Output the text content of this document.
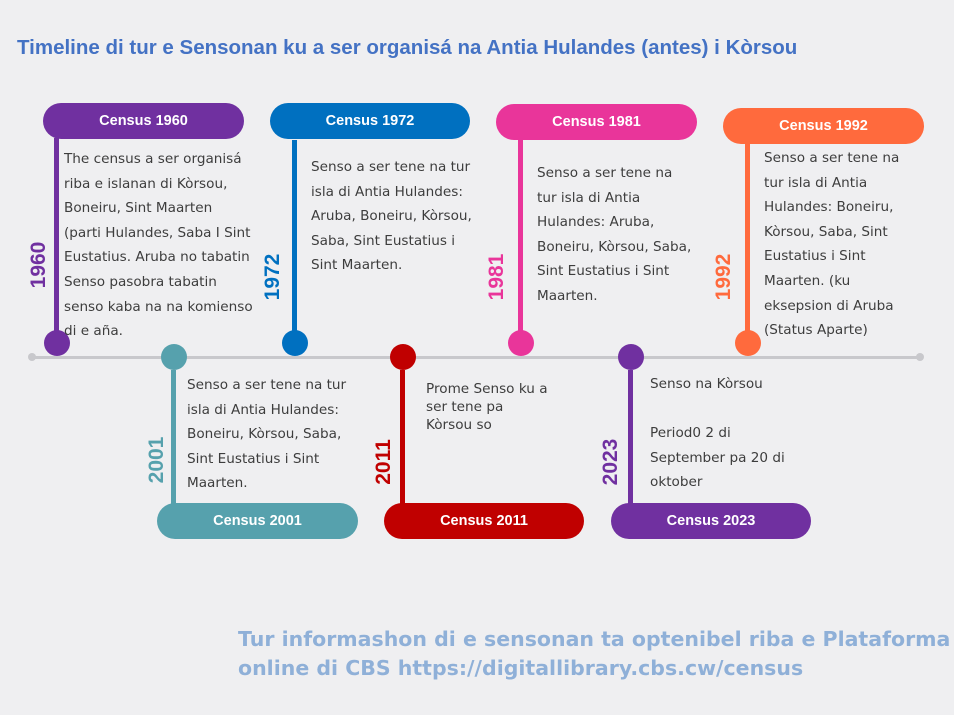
Timeline di tur e Sensonan ku a ser organisá na Antia Hulandes (antes) i Kòrsou
Census 1960
1960
The census a ser organisá
riba e islanan di Kòrsou,
Boneiru, Sint Maarten
(parti Hulandes, Saba I Sint
Eustatius. Aruba no tabatin
Senso pasobra tabatin
senso kaba na na komienso
di e aña.
Census 1972
1972
Senso a ser tene na tur
isla di Antia Hulandes:
Aruba, Boneiru, Kòrsou,
Saba, Sint Eustatius i
Sint Maarten.
Census 1981
1981
Senso a ser tene na
tur isla di Antia
Hulandes: Aruba,
Boneiru, Kòrsou, Saba,
Sint Eustatius i Sint
Maarten.
Census 1992
1992
Senso a ser tene na
tur isla di Antia
Hulandes: Boneiru,
Kòrsou, Saba, Sint
Eustatius i Sint
Maarten. (ku
eksepsion di Aruba
(Status Aparte)
Census 2001
2001
Senso a ser tene na tur
isla di Antia Hulandes:
Boneiru, Kòrsou, Saba,
Sint Eustatius i Sint
Maarten.
Census 2011
2011
Prome Senso ku a
ser tene pa
Kòrsou so
Census 2023
2023
Senso na Kòrsou

Period0 2 di
September pa 20 di
oktober
Tur informashon di e sensonan ta optenibel riba e Plataforma
online di CBS https://digitallibrary.cbs.cw/census
